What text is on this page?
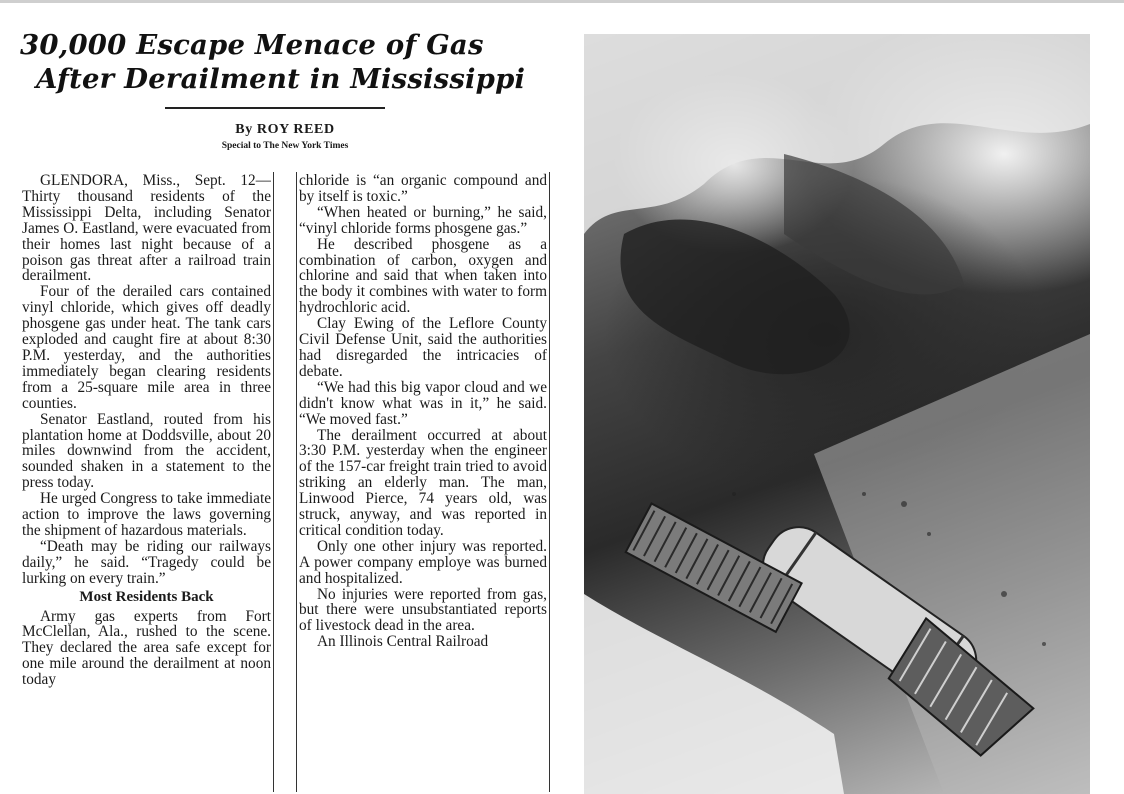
30,000 Escape Menace of Gas
After Derailment in Mississippi
By ROY REED
Special to The New York Times

GLENDORA, Miss., Sept. 12—Thirty thousand residents of the Mississippi Delta, including Senator James O. Eastland, were evacuated from their homes last night because of a poison gas threat after a railroad train derailment.

Four of the derailed cars contained vinyl chloride, which gives off deadly phosgene gas under heat. The tank cars exploded and caught fire at about 8:30 P.M. yesterday, and the authorities immediately began clearing residents from a 25-square mile area in three counties.

Senator Eastland, routed from his plantation home at Doddsville, about 20 miles downwind from the accident, sounded shaken in a statement to the press today.

He urged Congress to take immediate action to improve the laws governing the shipment of hazardous materials.

“Death may be riding our railways daily,” he said. “Tragedy could be lurking on every train.”

Most Residents Back

Army gas experts from Fort McClellan, Ala., rushed to the scene. They declared the area safe except for one mile around the derailment at noon today

chloride is “an organic compound and by itself is toxic.”

“When heated or burning,” he said, “vinyl chloride forms phosgene gas.”

He described phosgene as a combination of carbon, oxygen and chlorine and said that when taken into the body it combines with water to form hydrochloric acid.

Clay Ewing of the Leflore County Civil Defense Unit, said the authorities had disregarded the intricacies of debate.

“We had this big vapor cloud and we didn't know what was in it,” he said. “We moved fast.”

The derailment occurred at about 3:30 P.M. yesterday when the engineer of the 157-car freight train tried to avoid striking an elderly man. The man, Linwood Pierce, 74 years old, was struck, anyway, and was reported in critical condition today.

Only one other injury was reported. A power company employe was burned and hospitalized.

No injuries were reported from gas, but there were unsubstantiated reports of livestock dead in the area.

An Illinois Central Railroad
